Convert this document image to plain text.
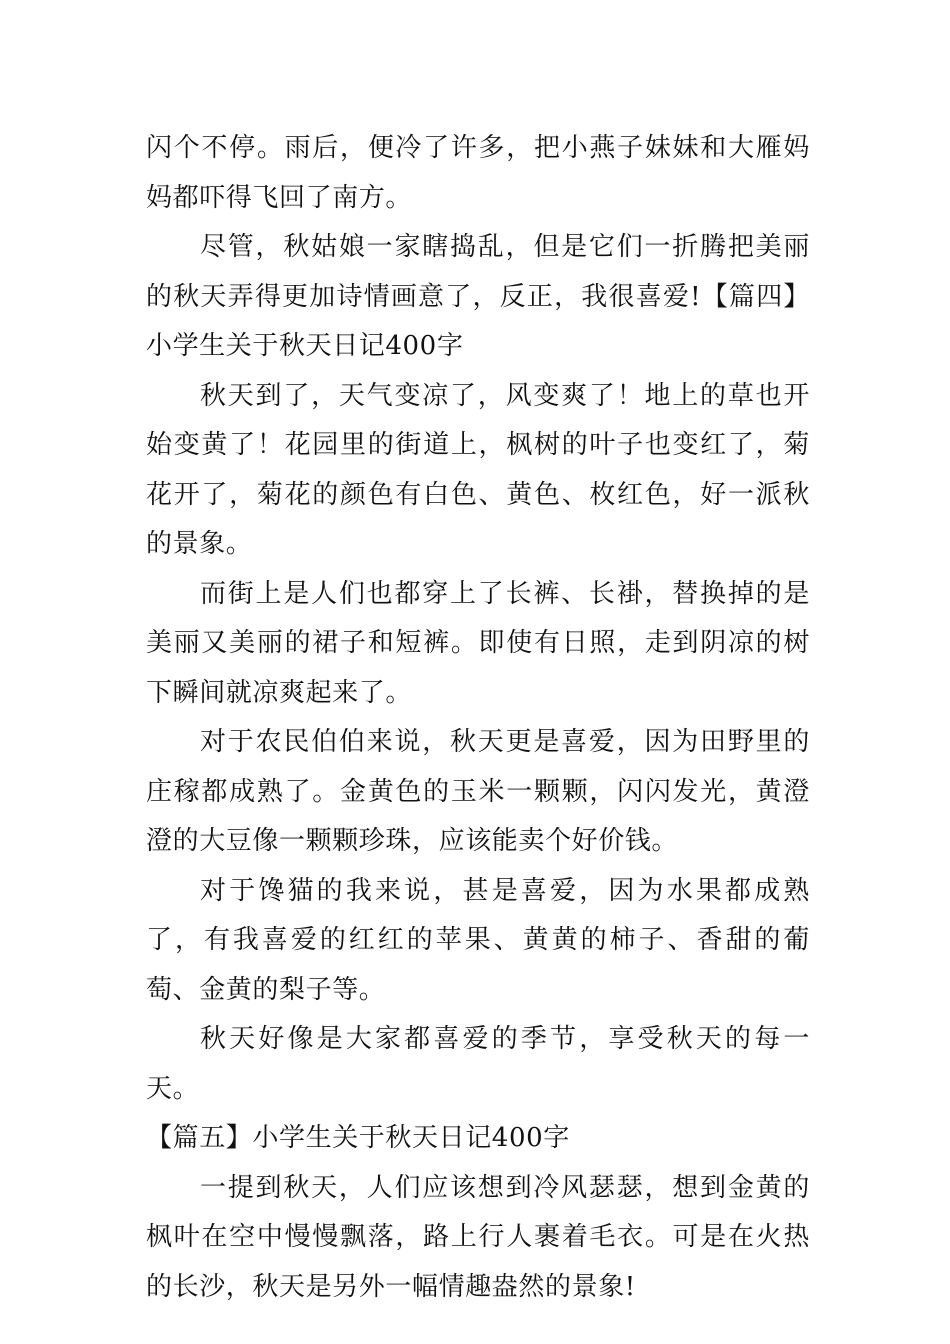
闪个不停。雨后，便冷了许多，把小燕子妹妹和大雁妈妈都吓得飞回了南方。

尽管，秋姑娘一家瞎捣乱，但是它们一折腾把美丽的秋天弄得更加诗情画意了，反正，我很喜爱!【篇四】小学生关于秋天日记400字

秋天到了，天气变凉了，风变爽了！地上的草也开始变黄了！花园里的街道上，枫树的叶子也变红了，菊花开了，菊花的颜色有白色、黄色、枚红色，好一派秋的景象。

而街上是人们也都穿上了长裤、长褂，替换掉的是美丽又美丽的裙子和短裤。即使有日照，走到阴凉的树下瞬间就凉爽起来了。

对于农民伯伯来说，秋天更是喜爱，因为田野里的庄稼都成熟了。金黄色的玉米一颗颗，闪闪发光，黄澄澄的大豆像一颗颗珍珠，应该能卖个好价钱。

对于馋猫的我来说，甚是喜爱，因为水果都成熟了，有我喜爱的红红的苹果、黄黄的柿子、香甜的葡萄、金黄的梨子等。

秋天好像是大家都喜爱的季节，享受秋天的每一天。

【篇五】小学生关于秋天日记400字

一提到秋天，人们应该想到冷风瑟瑟，想到金黄的枫叶在空中慢慢飘落，路上行人裹着毛衣。可是在火热的长沙，秋天是另外一幅情趣盎然的景象!
